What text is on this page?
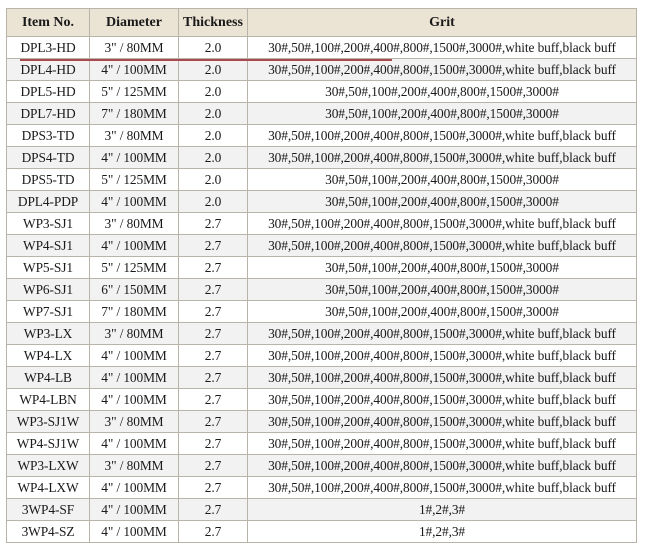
Item No.	Diameter	Thickness	Grit
DPL3-HD	3" / 80MM	2.0	30#,50#,100#,200#,400#,800#,1500#,3000#,white buff,black buff
DPL4-HD	4" / 100MM	2.0	30#,50#,100#,200#,400#,800#,1500#,3000#,white buff,black buff
DPL5-HD	5" / 125MM	2.0	30#,50#,100#,200#,400#,800#,1500#,3000#
DPL7-HD	7" / 180MM	2.0	30#,50#,100#,200#,400#,800#,1500#,3000#
DPS3-TD	3" / 80MM	2.0	30#,50#,100#,200#,400#,800#,1500#,3000#,white buff,black buff
DPS4-TD	4" / 100MM	2.0	30#,50#,100#,200#,400#,800#,1500#,3000#,white buff,black buff
DPS5-TD	5" / 125MM	2.0	30#,50#,100#,200#,400#,800#,1500#,3000#
DPL4-PDP	4" / 100MM	2.0	30#,50#,100#,200#,400#,800#,1500#,3000#
WP3-SJ1	3" / 80MM	2.7	30#,50#,100#,200#,400#,800#,1500#,3000#,white buff,black buff
WP4-SJ1	4" / 100MM	2.7	30#,50#,100#,200#,400#,800#,1500#,3000#,white buff,black buff
WP5-SJ1	5" / 125MM	2.7	30#,50#,100#,200#,400#,800#,1500#,3000#
WP6-SJ1	6" / 150MM	2.7	30#,50#,100#,200#,400#,800#,1500#,3000#
WP7-SJ1	7" / 180MM	2.7	30#,50#,100#,200#,400#,800#,1500#,3000#
WP3-LX	3" / 80MM	2.7	30#,50#,100#,200#,400#,800#,1500#,3000#,white buff,black buff
WP4-LX	4" / 100MM	2.7	30#,50#,100#,200#,400#,800#,1500#,3000#,white buff,black buff
WP4-LB	4" / 100MM	2.7	30#,50#,100#,200#,400#,800#,1500#,3000#,white buff,black buff
WP4-LBN	4" / 100MM	2.7	30#,50#,100#,200#,400#,800#,1500#,3000#,white buff,black buff
WP3-SJ1W	3" / 80MM	2.7	30#,50#,100#,200#,400#,800#,1500#,3000#,white buff,black buff
WP4-SJ1W	4" / 100MM	2.7	30#,50#,100#,200#,400#,800#,1500#,3000#,white buff,black buff
WP3-LXW	3" / 80MM	2.7	30#,50#,100#,200#,400#,800#,1500#,3000#,white buff,black buff
WP4-LXW	4" / 100MM	2.7	30#,50#,100#,200#,400#,800#,1500#,3000#,white buff,black buff
3WP4-SF	4" / 100MM	2.7	1#,2#,3#
3WP4-SZ	4" / 100MM	2.7	1#,2#,3#
